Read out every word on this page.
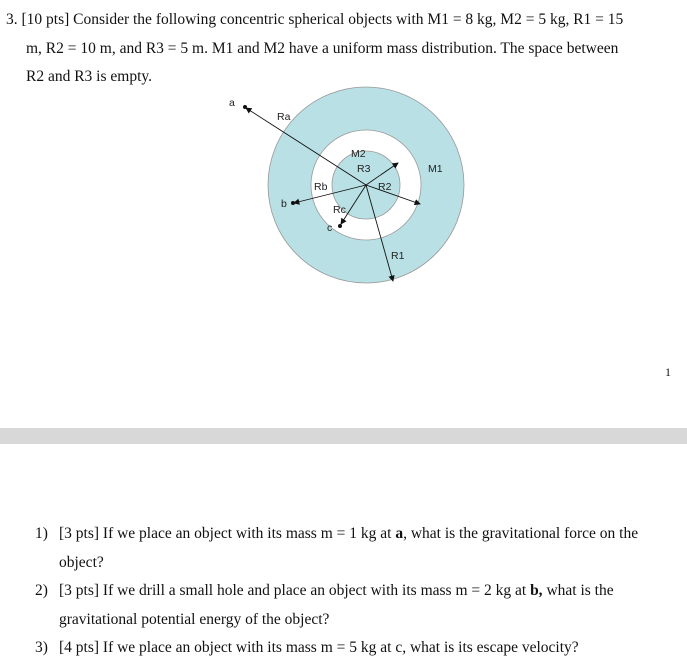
3. [10 pts] Consider the following concentric spherical objects with M1 = 8 kg, M2 = 5 kg, R1 = 15

m, R2 = 10 m, and R3 = 5 m. M1 and M2 have a uniform mass distribution. The space between
R2 and R3 is empty.
a
b
c
Ra
Rb
Rc
M2
R3
R2
M1
R1
1
1) [3 pts] If we place an object with its mass m = 1 kg at a, what is the gravitational force on the object?
2) [3 pts] If we drill a small hole and place an object with its mass m = 2 kg at b, what is the gravitational potential energy of the object?
3) [4 pts] If we place an object with its mass m = 5 kg at c, what is its escape velocity?
